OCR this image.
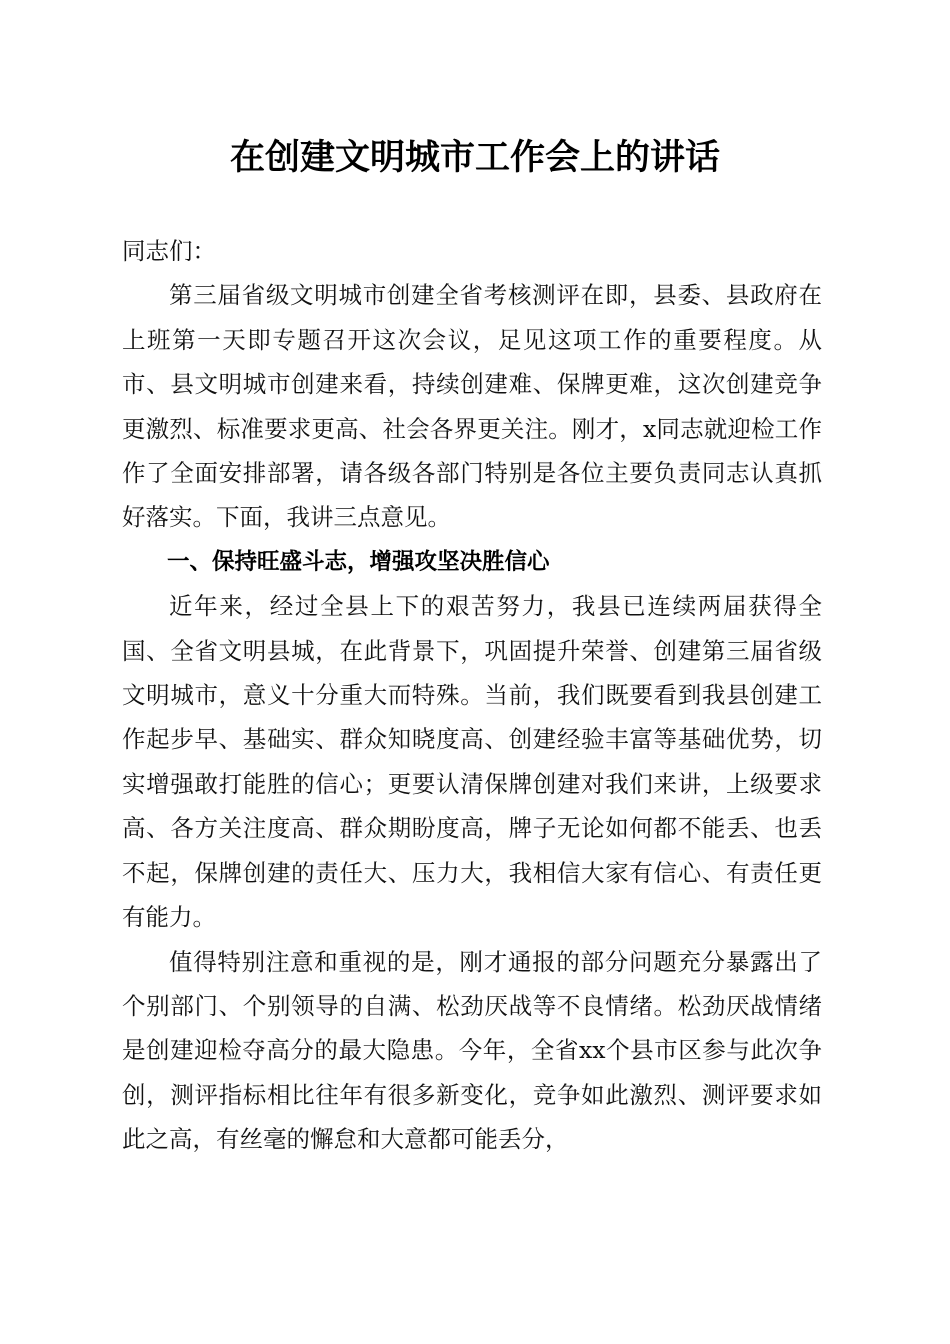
在创建文明城市工作会上的讲话

同志们：

第三届省级文明城市创建全省考核测评在即，县委、县政府在上班第一天即专题召开这次会议，足见这项工作的重要程度。从市、县文明城市创建来看，持续创建难、保牌更难，这次创建竞争更激烈、标准要求更高、社会各界更关注。刚才，x同志就迎检工作作了全面安排部署，请各级各部门特别是各位主要负责同志认真抓好落实。下面，我讲三点意见。

一、保持旺盛斗志，增强攻坚决胜信心

近年来，经过全县上下的艰苦努力，我县已连续两届获得全国、全省文明县城，在此背景下，巩固提升荣誉、创建第三届省级文明城市，意义十分重大而特殊。当前，我们既要看到我县创建工作起步早、基础实、群众知晓度高、创建经验丰富等基础优势，切实增强敢打能胜的信心；更要认清保牌创建对我们来讲，上级要求高、各方关注度高、群众期盼度高，牌子无论如何都不能丢、也丢不起，保牌创建的责任大、压力大，我相信大家有信心、有责任更有能力。

值得特别注意和重视的是，刚才通报的部分问题充分暴露出了个别部门、个别领导的自满、松劲厌战等不良情绪。松劲厌战情绪是创建迎检夺高分的最大隐患。今年，全省xx个县市区参与此次争创，测评指标相比往年有很多新变化，竞争如此激烈、测评要求如此之高，有丝毫的懈怠和大意都可能丢分，
